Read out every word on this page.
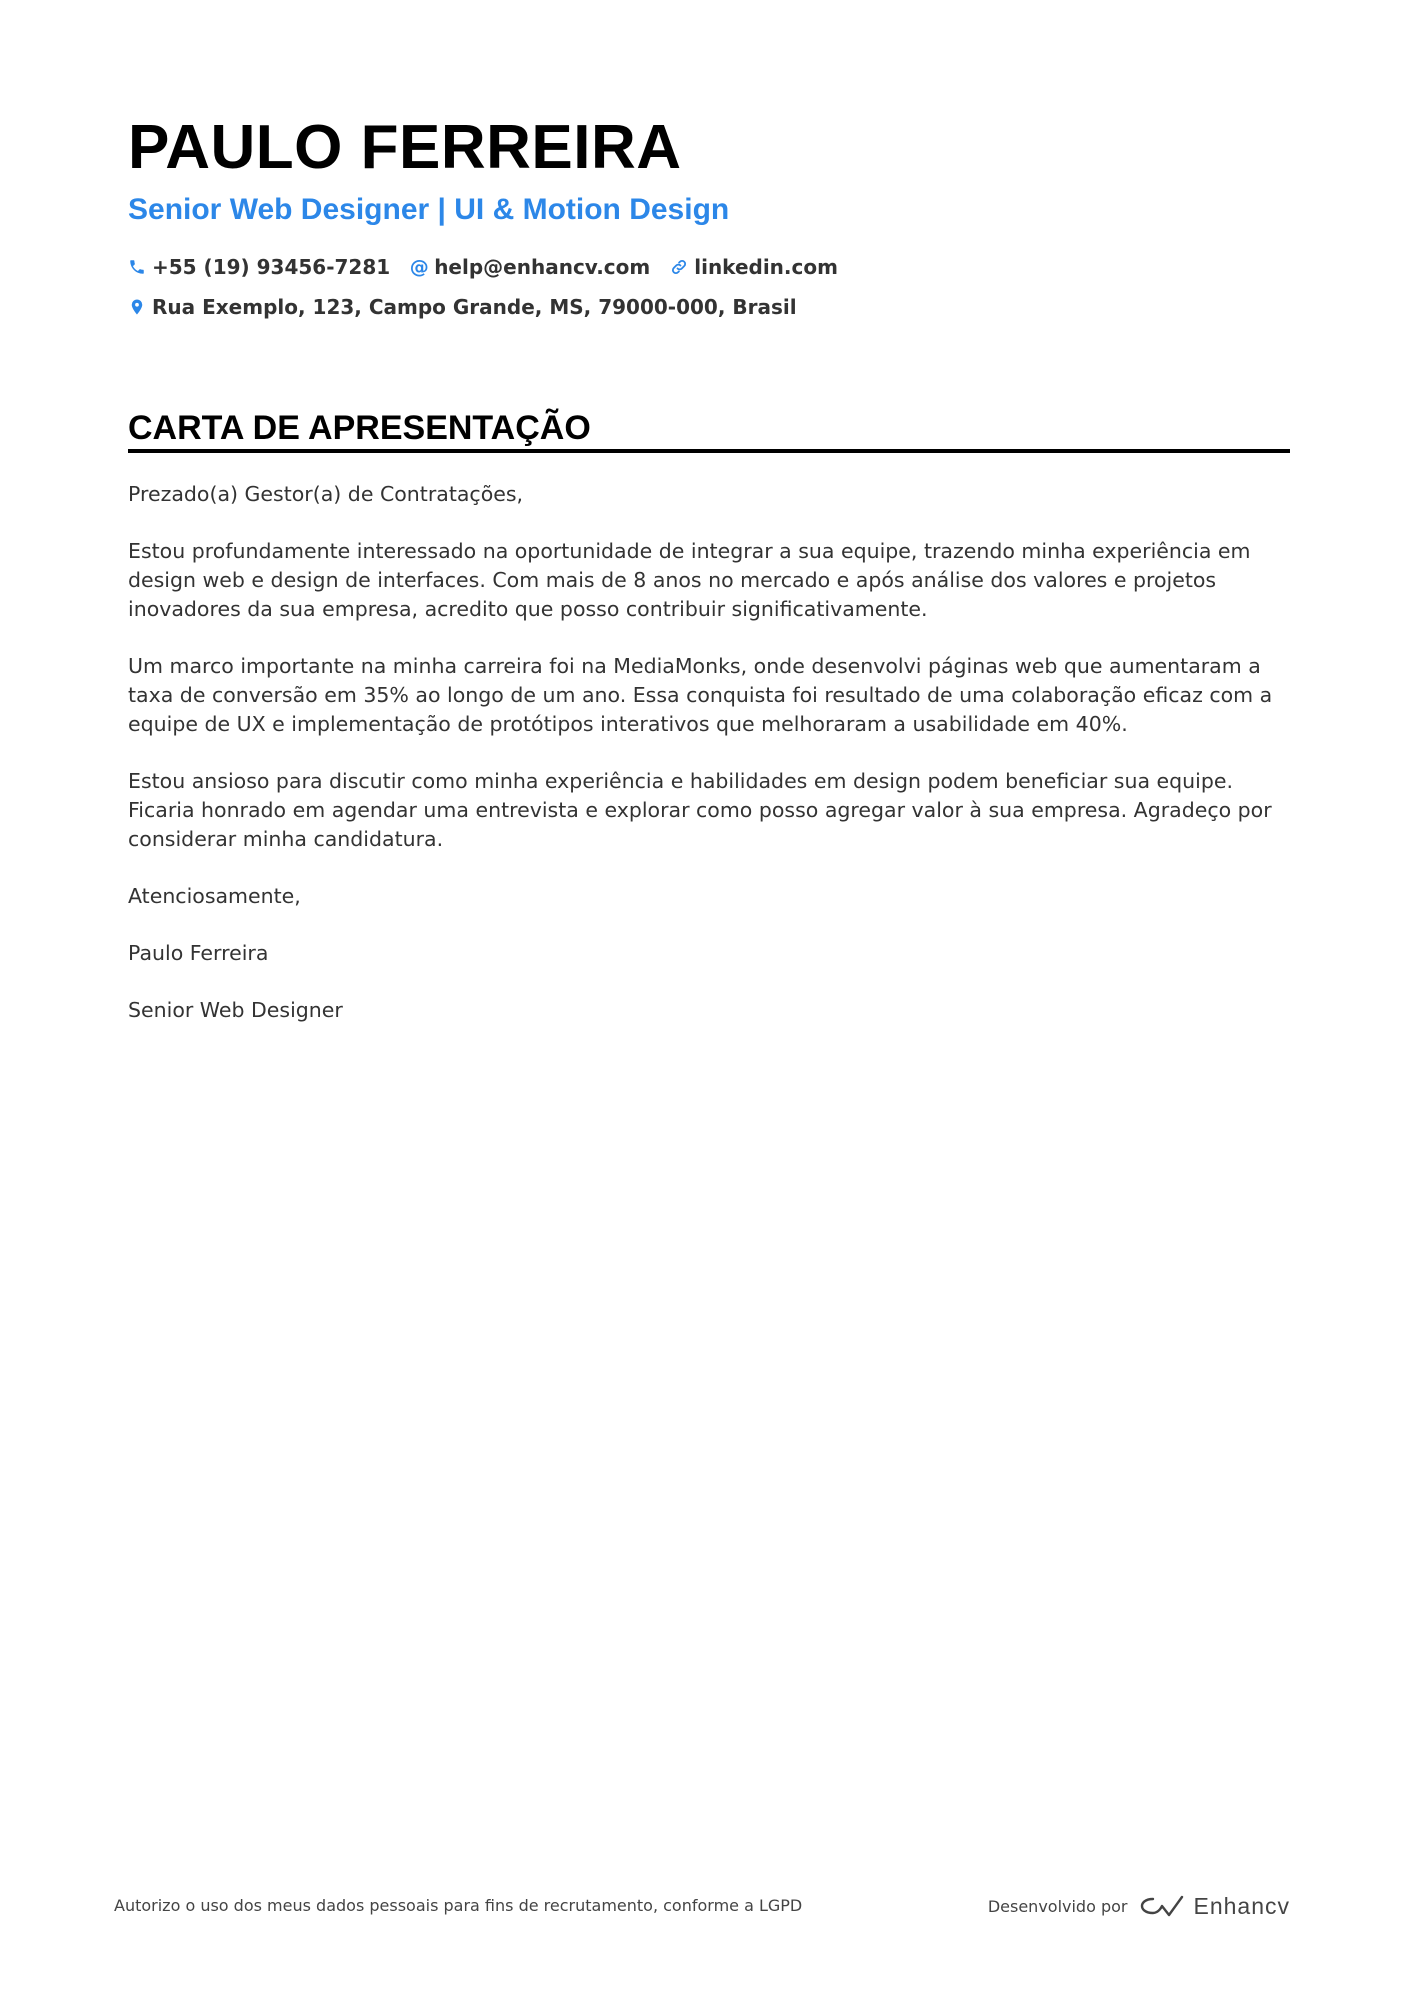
PAULO FERREIRA
Senior Web Designer | UI & Motion Design
+55 (19) 93456-7281 @ help@enhancv.com linkedin.com
Rua Exemplo, 123, Campo Grande, MS, 79000-000, Brasil
CARTA DE APRESENTAÇÃO

Prezado(a) Gestor(a) de Contratações,

Estou profundamente interessado na oportunidade de integrar a sua equipe, trazendo minha experiência em design web e design de interfaces. Com mais de 8 anos no mercado e após análise dos valores e projetos inovadores da sua empresa, acredito que posso contribuir significativamente.

Um marco importante na minha carreira foi na MediaMonks, onde desenvolvi páginas web que aumentaram a taxa de conversão em 35% ao longo de um ano. Essa conquista foi resultado de uma colaboração eficaz com a equipe de UX e implementação de protótipos interativos que melhoraram a usabilidade em 40%.

Estou ansioso para discutir como minha experiência e habilidades em design podem beneficiar sua equipe. Ficaria honrado em agendar uma entrevista e explorar como posso agregar valor à sua empresa. Agradeço por considerar minha candidatura.

Atenciosamente,

Paulo Ferreira

Senior Web Designer

Autorizo o uso dos meus dados pessoais para fins de recrutamento, conforme a LGPD	Desenvolvido por	Enhancv
